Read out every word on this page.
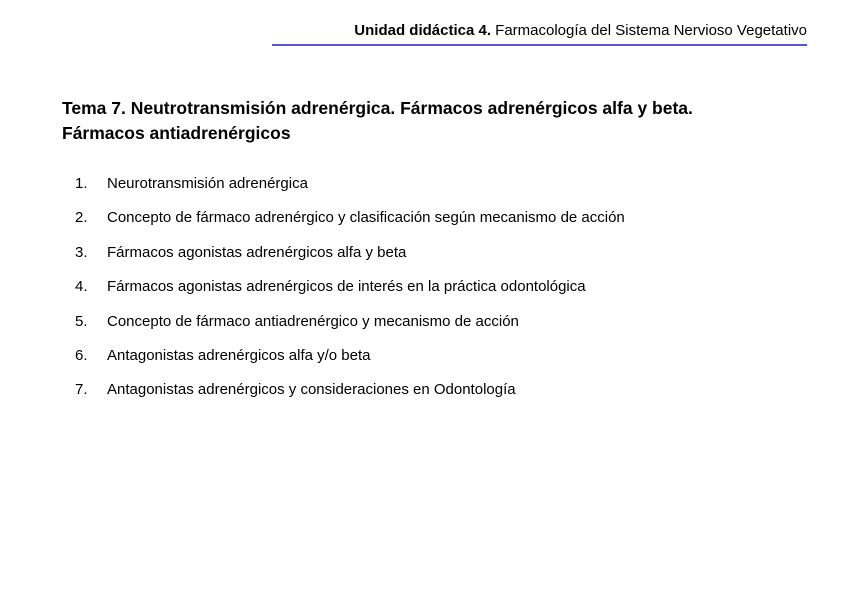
Unidad didáctica 4. Farmacología del Sistema Nervioso Vegetativo
Tema 7. Neutrotransmisión adrenérgica. Fármacos adrenérgicos alfa y beta.
Fármacos antiadrenérgicos
1.	Neurotransmisión adrenérgica
2.	Concepto de fármaco adrenérgico y clasificación según mecanismo de acción
3.	Fármacos agonistas adrenérgicos alfa y beta
4.	Fármacos agonistas adrenérgicos de interés en la práctica odontológica
5.	Concepto de fármaco antiadrenérgico y mecanismo de acción
6.	Antagonistas adrenérgicos alfa y/o beta
7.	Antagonistas adrenérgicos y consideraciones en Odontología
